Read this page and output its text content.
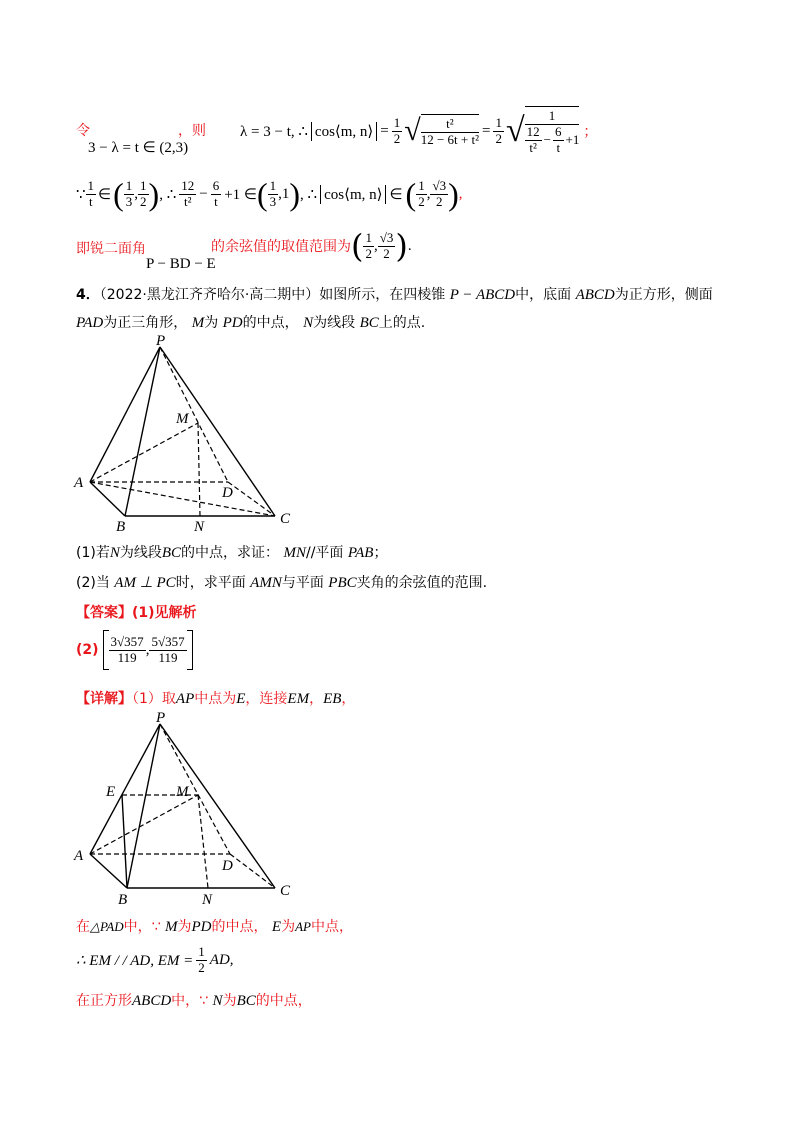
令	，则
3 − λ = t ∈ (2,3)
λ = 3 − t, ∴ cos⟨m, n⟩ = $\frac{1}{2}$ √ $\frac{\text{t²}}{\text{12 − 6t + t²}} = \frac{1}{2}$ √ $\frac{1}{\frac{12}{\text{t²}} - \frac{6}{t} +1}$ ；
∵ $\frac{1}{t}$ ∈ ( $\frac{1}{3}$ , $\frac{1}{2}$ ) , ∴ $\frac{12}{\text{t²}} - \frac{6}{t} +1$ ∈ ( $\frac{1}{3} ,1$ ) , ∴ cos⟨m, n⟩ ∈ ( $\frac{1}{2}$ , $\frac{√3}{2}$ ) ,
即锐二面角
P − BD − E
的余弦值的取值范围为 ( $\frac{1}{2}$ , $\frac{√3}{2}$ ) .
4．（2022·黑龙江齐齐哈尔·高二期中）如图所示，在四棱锥 P − ABCD中，底面 ABCD为正方形，侧面
PAD为正三角形， M为 PD的中点， N为线段 BC上的点.
P
M
A
D
B	N	C
(1)若N为线段BC的中点，求证： MN//平面 PAB；
(2)当 AM ⊥ PC时，求平面 AMN与平面 PBC夹角的余弦值的范围.
【答案】(1)见解析
$(2) \frac{3√357}{119}$ , $\frac{5√357}{119}$
【详解】（1）取AP中点为E，连接EM，EB，
P
E	M
A
D
B	N
C
在△PAD中，∵ M为PD的中点， E为AP中点，
∴ EM / / AD, EM = $\frac{1}{2}$ AD,
在正方形ABCD中，∵ N为BC的中点，
